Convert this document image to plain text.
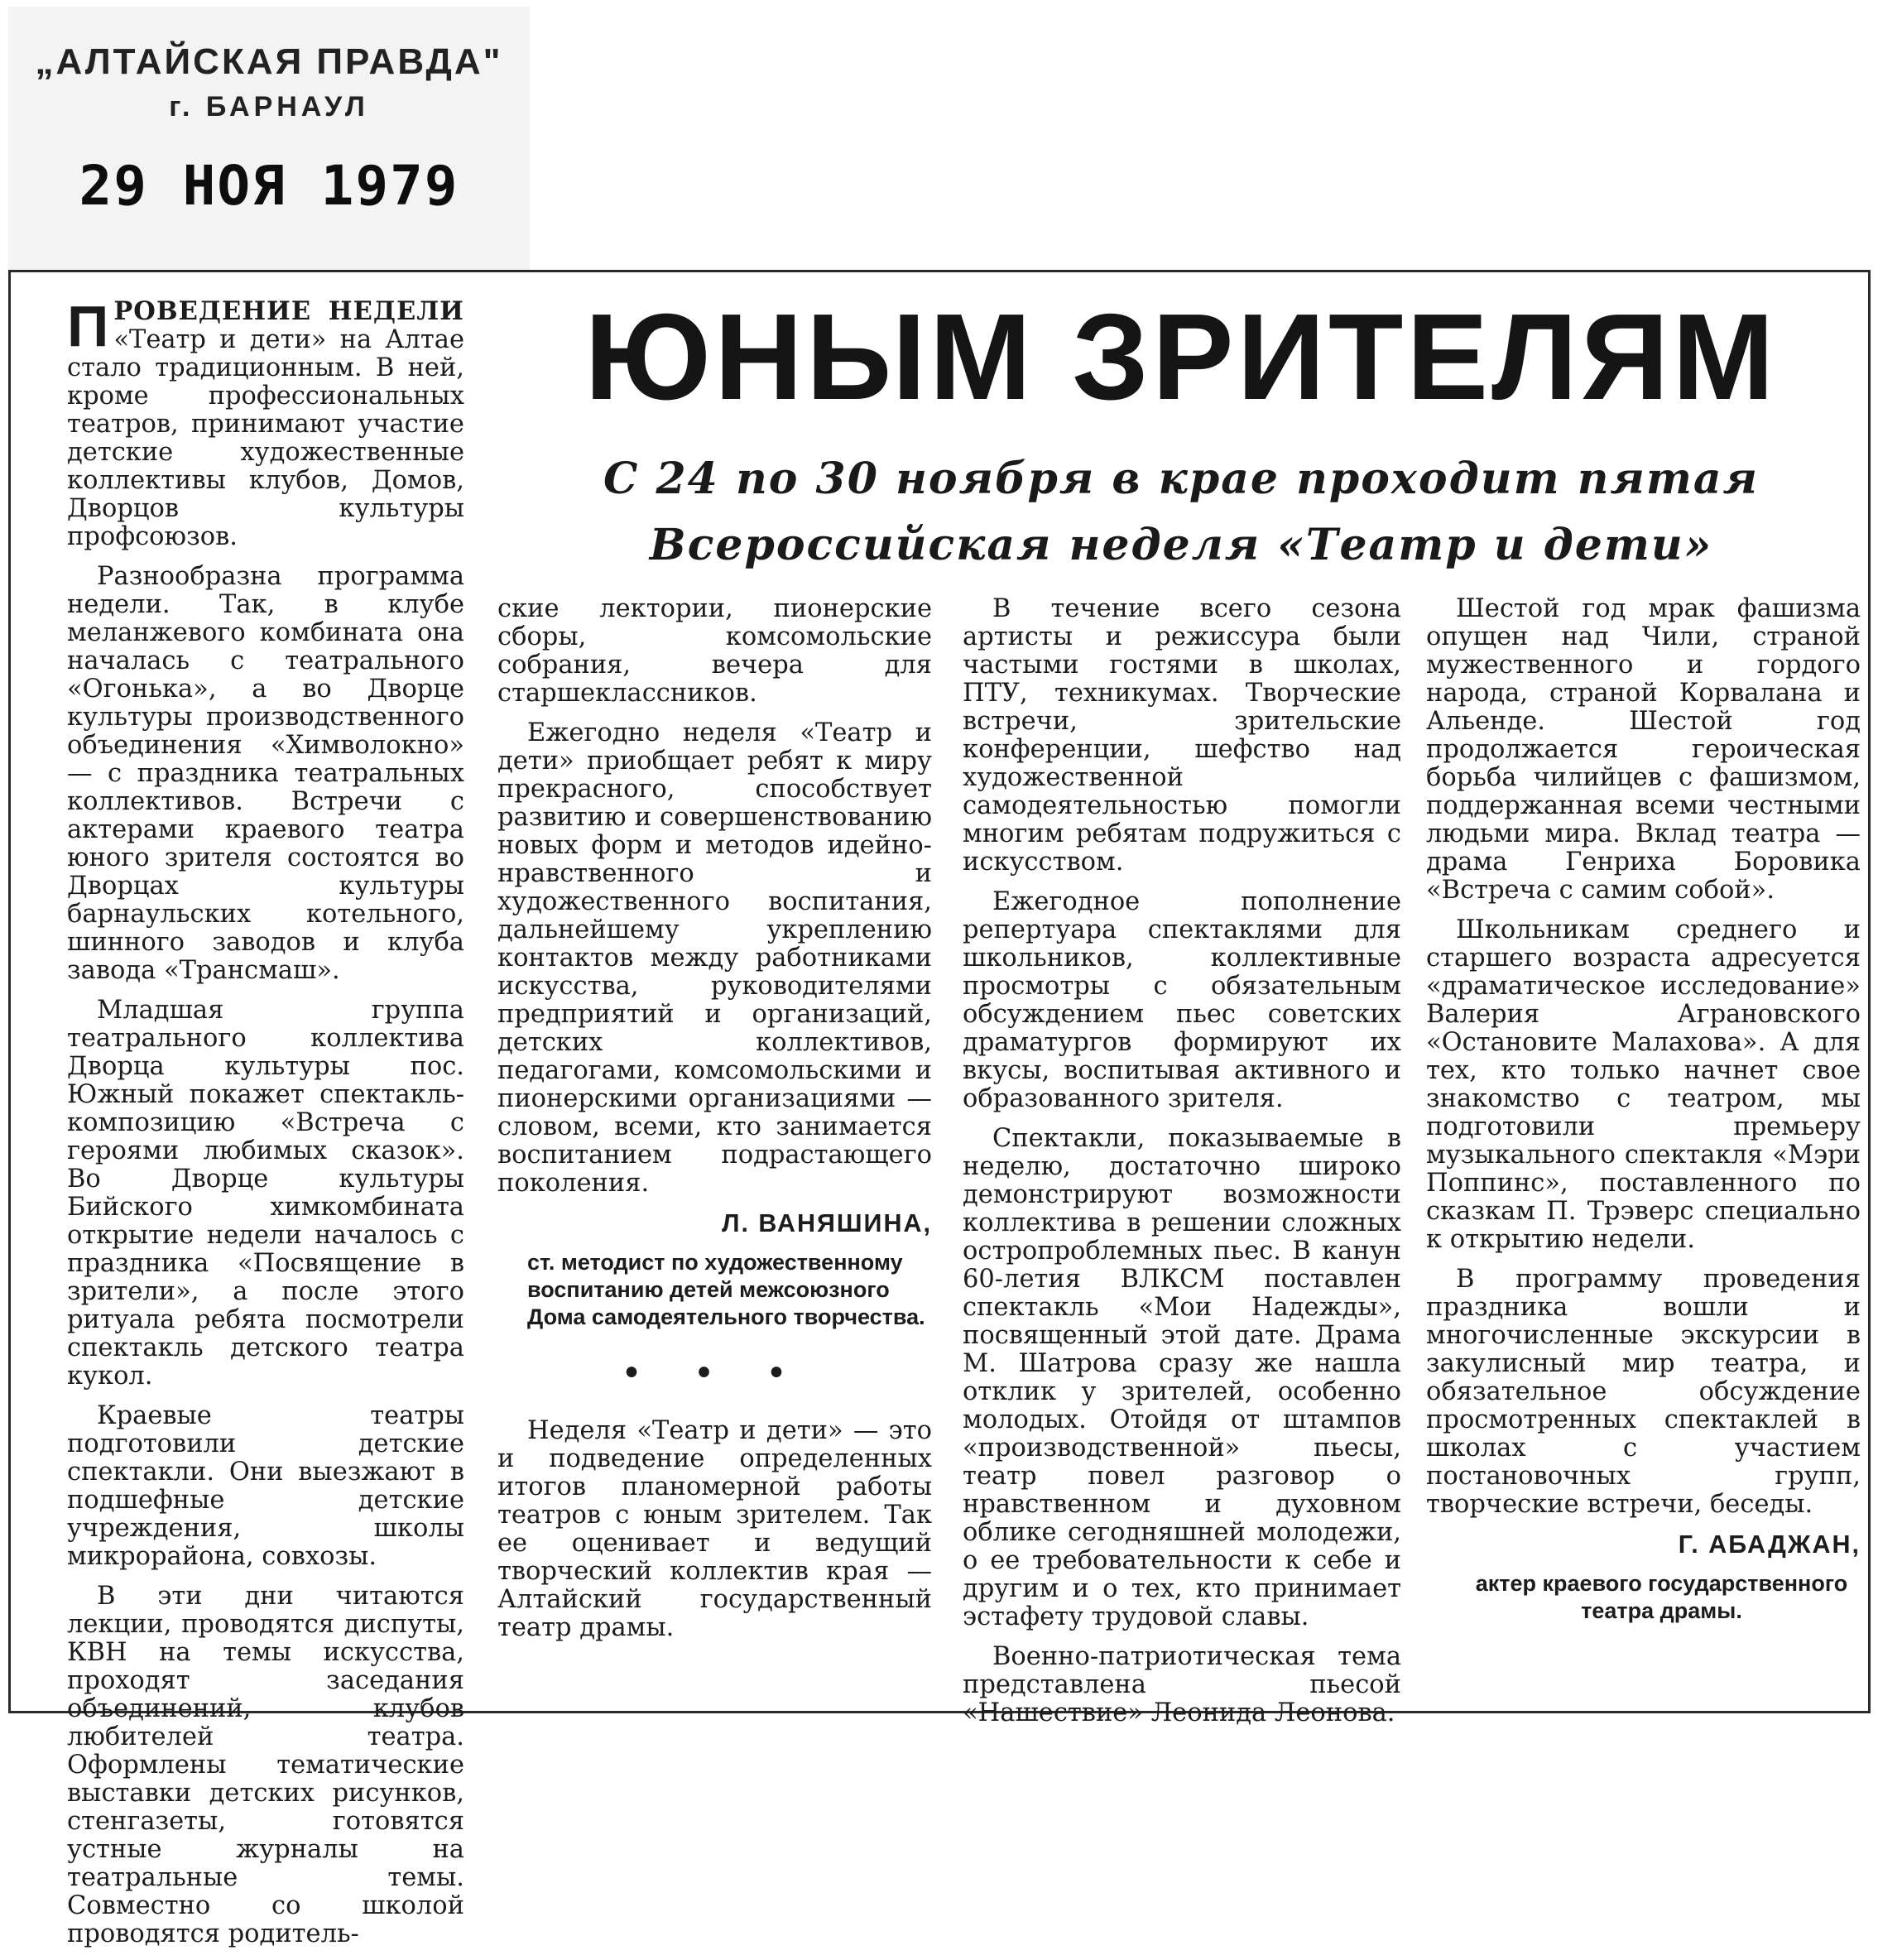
„АЛТАЙСКАЯ ПРАВДА"
г. БАРНАУЛ
29 НОЯ 1979

ПРОВЕДЕНИЕ НЕДЕЛИ «Театр и дети» на Алтае стало традиционным. В ней, кроме профессиональных театров, принимают участие детские художественные коллективы клубов, Домов, Дворцов культуры профсоюзов.

Разнообразна программа недели. Так, в клубе меланжевого комбината она началась с театрального «Огонька», а во Дворце культуры производственного объединения «Химволокно» — с праздника театральных коллективов. Встречи с актерами краевого театра юного зрителя состоятся во Дворцах культуры барнаульских котельного, шинного заводов и клуба завода «Трансмаш».

Младшая группа театрального коллектива Дворца культуры пос. Южный покажет спектакль-композицию «Встреча с героями любимых сказок». Во Дворце культуры Бийского химкомбината открытие недели началось с праздника «Посвящение в зрители», а после этого ритуала ребята посмотрели спектакль детского театра кукол.

Краевые театры подготовили детские спектакли. Они выезжают в подшефные детские учреждения, школы микрорайона, совхозы.

В эти дни читаются лекции, проводятся диспуты, КВН на темы искусства, проходят заседания объединений, клубов любителей театра. Оформлены тематические выставки детских рисунков, стенгазеты, готовятся устные журналы на театральные темы. Совместно со школой проводятся родитель-

ЮНЫМ ЗРИТЕЛЯМ
С 24 по 30 ноября в крае проходит пятая
Всероссийская неделя «Театр и дети»

ские лектории, пионерские сборы, комсомольские собрания, вечера для старшеклассников.

Ежегодно неделя «Театр и дети» приобщает ребят к миру прекрасного, способствует развитию и совершенствованию новых форм и методов идейно-нравственного и художественного воспитания, дальнейшему укреплению контактов между работниками искусства, руководителями предприятий и организаций, детских коллективов, педагогами, комсомольскими и пионерскими организациями — словом, всеми, кто занимается воспитанием подрастающего поколения.

Л. ВАНЯШИНА,

ст. методист по художественному воспитанию детей межсоюзного Дома самодеятельного творчества.
• • •

Неделя «Театр и дети» — это и подведение определенных итогов планомерной работы театров с юным зрителем. Так ее оценивает и ведущий творческий коллектив края — Алтайский государственный театр драмы.

В течение всего сезона артисты и режиссура были частыми гостями в школах, ПТУ, техникумах. Творческие встречи, зрительские конференции, шефство над художественной самодеятельностью помогли многим ребятам подружиться с искусством.

Ежегодное пополнение репертуара спектаклями для школьников, коллективные просмотры с обязательным обсуждением пьес советских драматургов формируют их вкусы, воспитывая активного и образованного зрителя.

Спектакли, показываемые в неделю, достаточно широко демонстрируют возможности коллектива в решении сложных остропроблемных пьес. В канун 60-летия ВЛКСМ поставлен спектакль «Мои Надежды», посвященный этой дате. Драма М. Шатрова сразу же нашла отклик у зрителей, особенно молодых. Отойдя от штампов «производственной» пьесы, театр повел разговор о нравственном и духовном облике сегодняшней молодежи, о ее требовательности к себе и другим и о тех, кто принимает эстафету трудовой славы.

Военно-патриотическая тема представлена пьесой «Нашествие» Леонида Леонова.

Шестой год мрак фашизма опущен над Чили, страной мужественного и гордого народа, страной Корвалана и Альенде. Шестой год продолжается героическая борьба чилийцев с фашизмом, поддержанная всеми честными людьми мира. Вклад театра — драма Генриха Боровика «Встреча с самим собой».

Школьникам среднего и старшего возраста адресуется «драматическое исследование» Валерия Аграновского «Остановите Малахова». А для тех, кто только начнет свое знакомство с театром, мы подготовили премьеру музыкального спектакля «Мэри Поппинс», поставленного по сказкам П. Трэверс специально к открытию недели.

В программу проведения праздника вошли и многочисленные экскурсии в закулисный мир театра, и обязательное обсуждение просмотренных спектаклей в школах с участием постановочных групп, творческие встречи, беседы.

Г. АБАДЖАН,

актер краевого государственного театра драмы.
